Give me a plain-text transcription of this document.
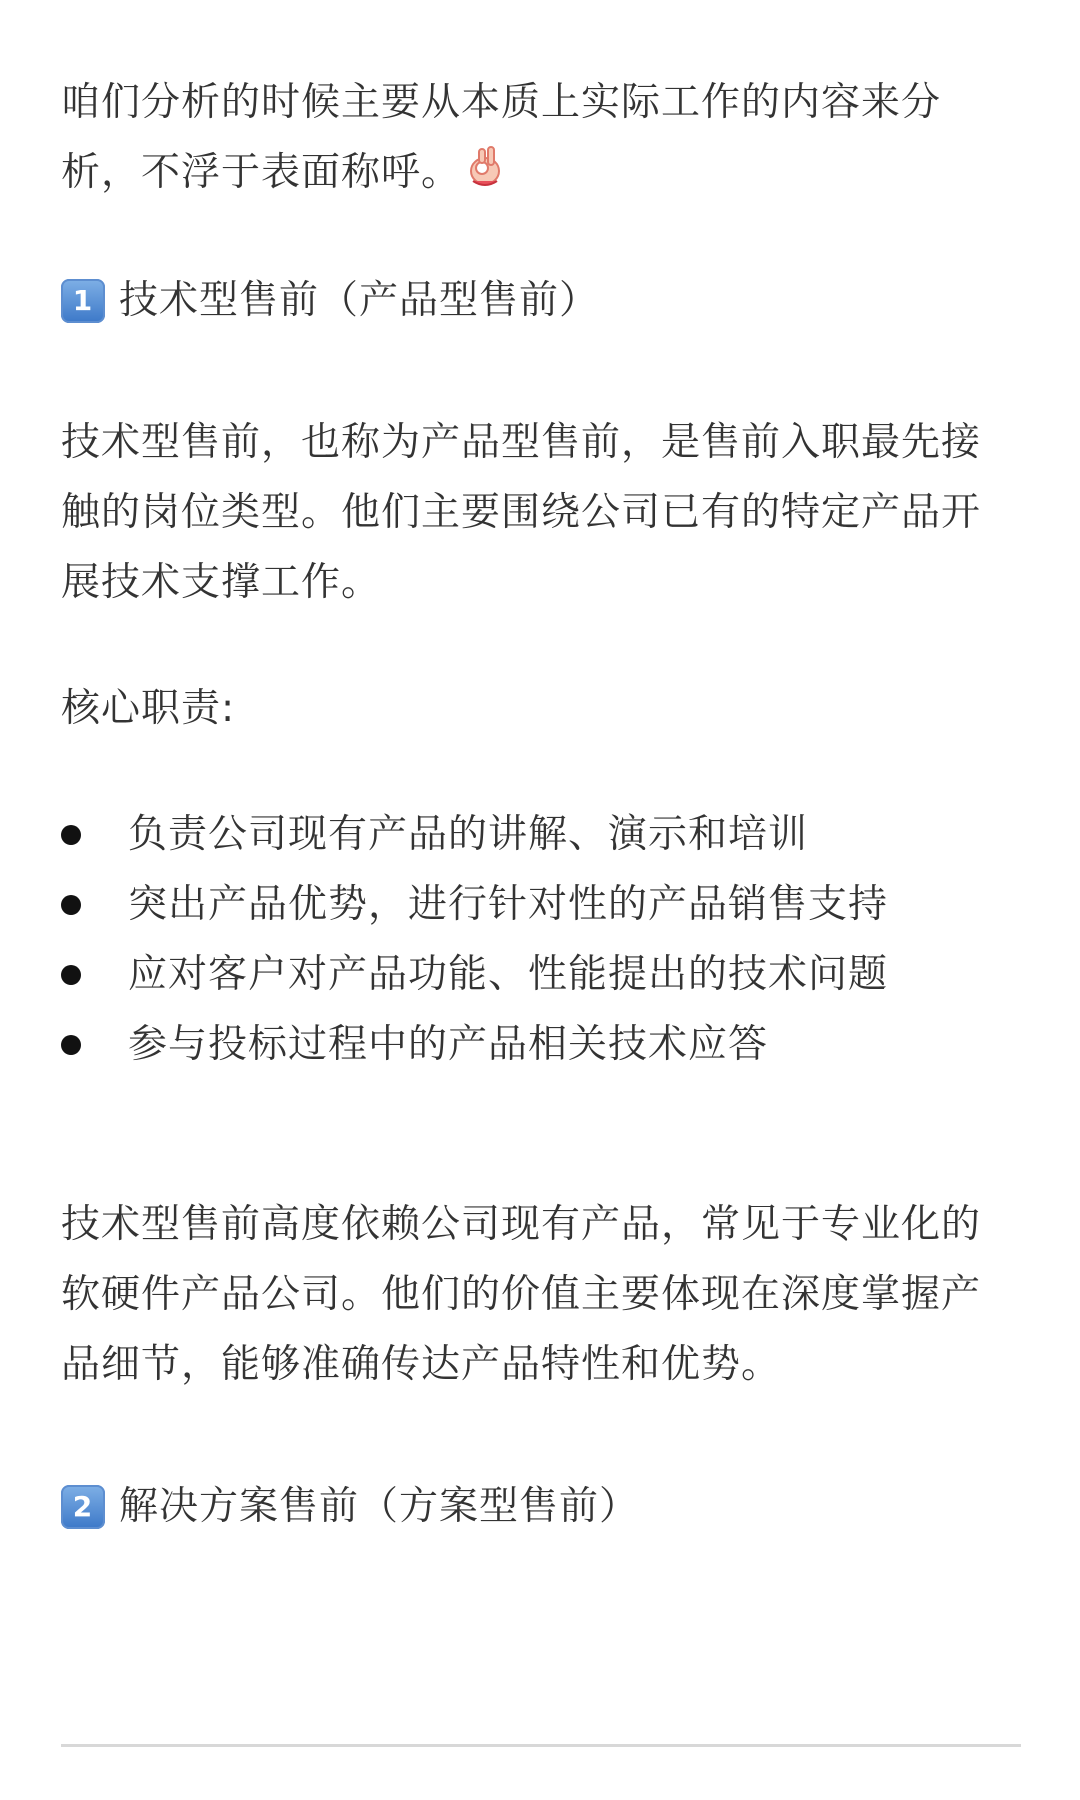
咱们分析的时候主要从本质上实际工作的内容来分
析，不浮于表面称呼。

1 技术型售前（产品型售前）

技术型售前，也称为产品型售前，是售前入职最先接
触的岗位类型。他们主要围绕公司已有的特定产品开
展技术支撑工作。

核心职责:

负责公司现有产品的讲解、演示和培训
突出产品优势，进行针对性的产品销售支持
应对客户对产品功能、性能提出的技术问题
参与投标过程中的产品相关技术应答

技术型售前高度依赖公司现有产品，常见于专业化的
软硬件产品公司。他们的价值主要体现在深度掌握产
品细节，能够准确传达产品特性和优势。

2 解决方案售前（方案型售前）
